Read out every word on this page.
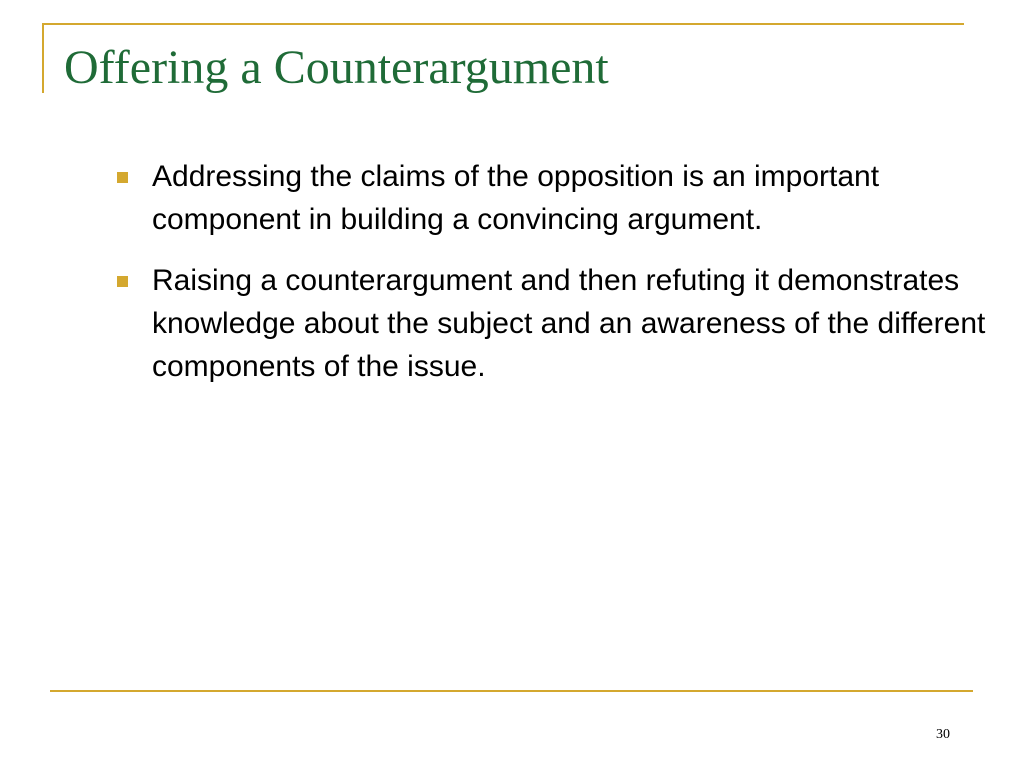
Offering a Counterargument
Addressing the claims of the opposition is an important component in building a convincing argument.
Raising a counterargument and then refuting it demonstrates knowledge about the subject and an awareness of the different components of the issue.
30
